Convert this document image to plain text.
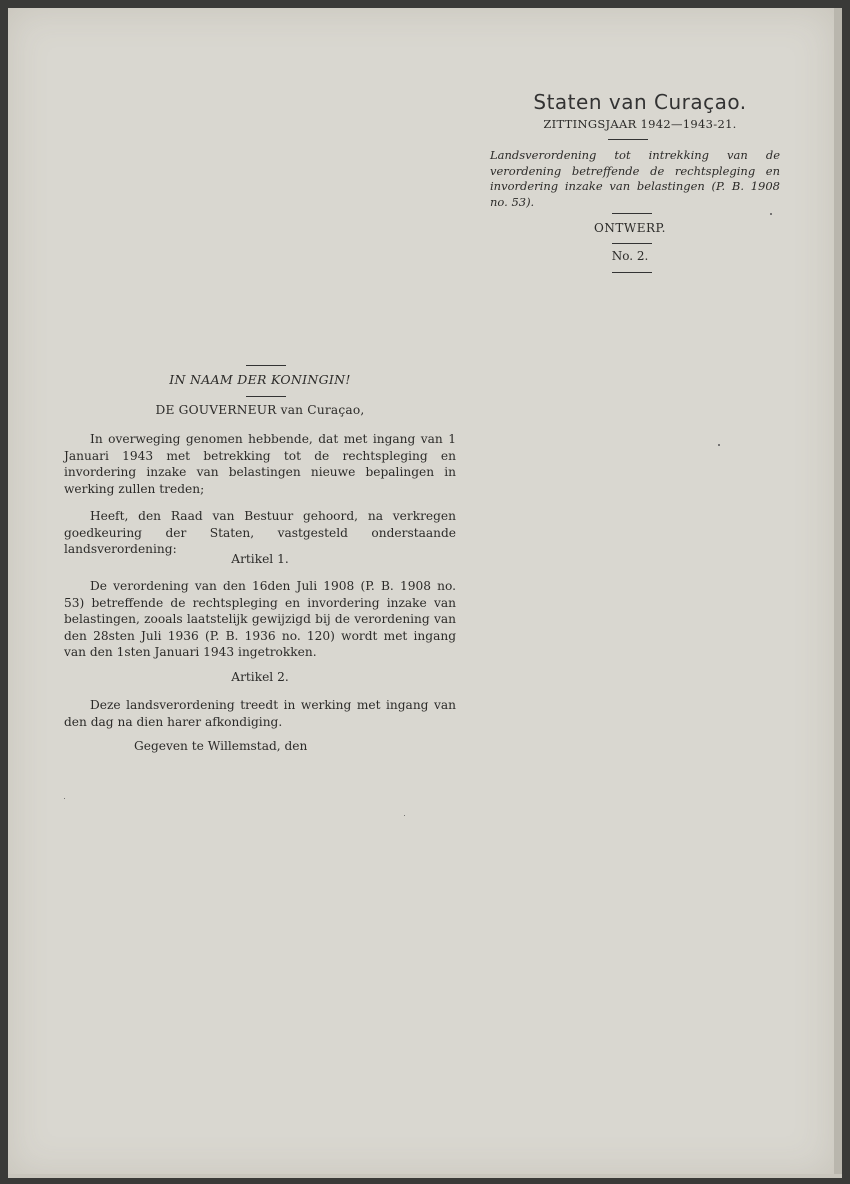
Staten van Curaçao.
ZITTINGSJAAR 1942—1943-21.
Landsverordening tot intrekking van de verordening betreffende de rechtspleging en invordering inzake van belastingen (P. B. 1908 no. 53).
ONTWERP.
No. 2.
IN NAAM DER KONINGIN!
DE GOUVERNEUR van Curaçao,
In overweging genomen hebbende, dat met ingang van 1 Januari 1943 met betrekking tot de rechtspleging en invordering inzake van belastingen nieuwe bepalingen in werking zullen treden;
Heeft, den Raad van Bestuur gehoord, na verkregen goedkeuring der Staten, vastgesteld onderstaande landsverordening:
Artikel 1.
De verordening van den 16den Juli 1908 (P. B. 1908 no. 53) betreffende de rechtspleging en invordering inzake van belastingen, zooals laatstelijk gewijzigd bij de verordening van den 28sten Juli 1936 (P. B. 1936 no. 120) wordt met ingang van den 1sten Januari 1943 ingetrokken.
Artikel 2.
Deze landsverordening treedt in werking met ingang van den dag na dien harer afkondiging.
Gegeven te Willemstad, den
